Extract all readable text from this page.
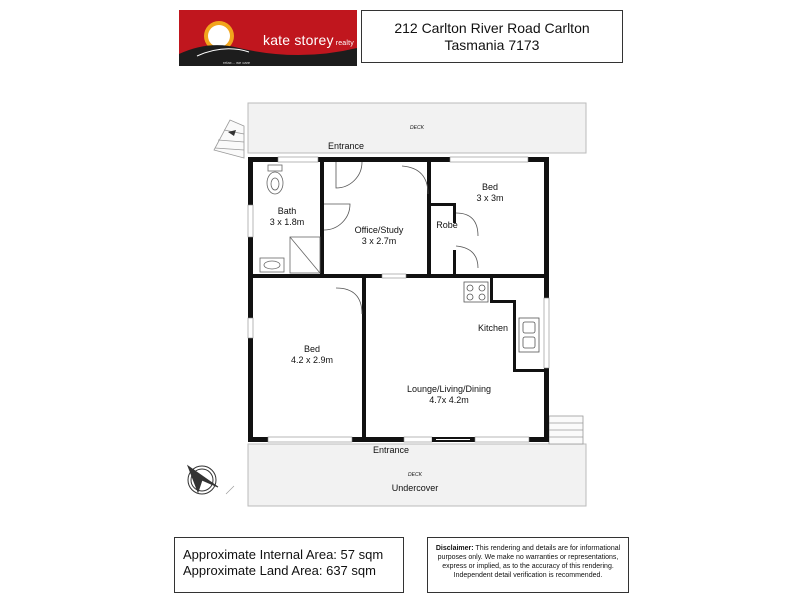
kate storey realty
relax... we care
212 Carlton River Road Carlton
Tasmania 7173
DECK
Entrance
Entrance
DECK
Undercover
Bath
3 x 1.8m
Office/Study
3 x 2.7m
Robe
Bed
3 x 3m
Kitchen
Bed
4.2 x 2.9m
Lounge/Living/Dining
4.7x 4.2m
Approximate Internal Area: 57 sqm
Approximate Land Area: 637 sqm
Disclaimer: This rendering and details are for informational purposes only. We make no warranties or representations, express or implied, as to the accuracy of this rendering. Independent detail verification is recommended.
